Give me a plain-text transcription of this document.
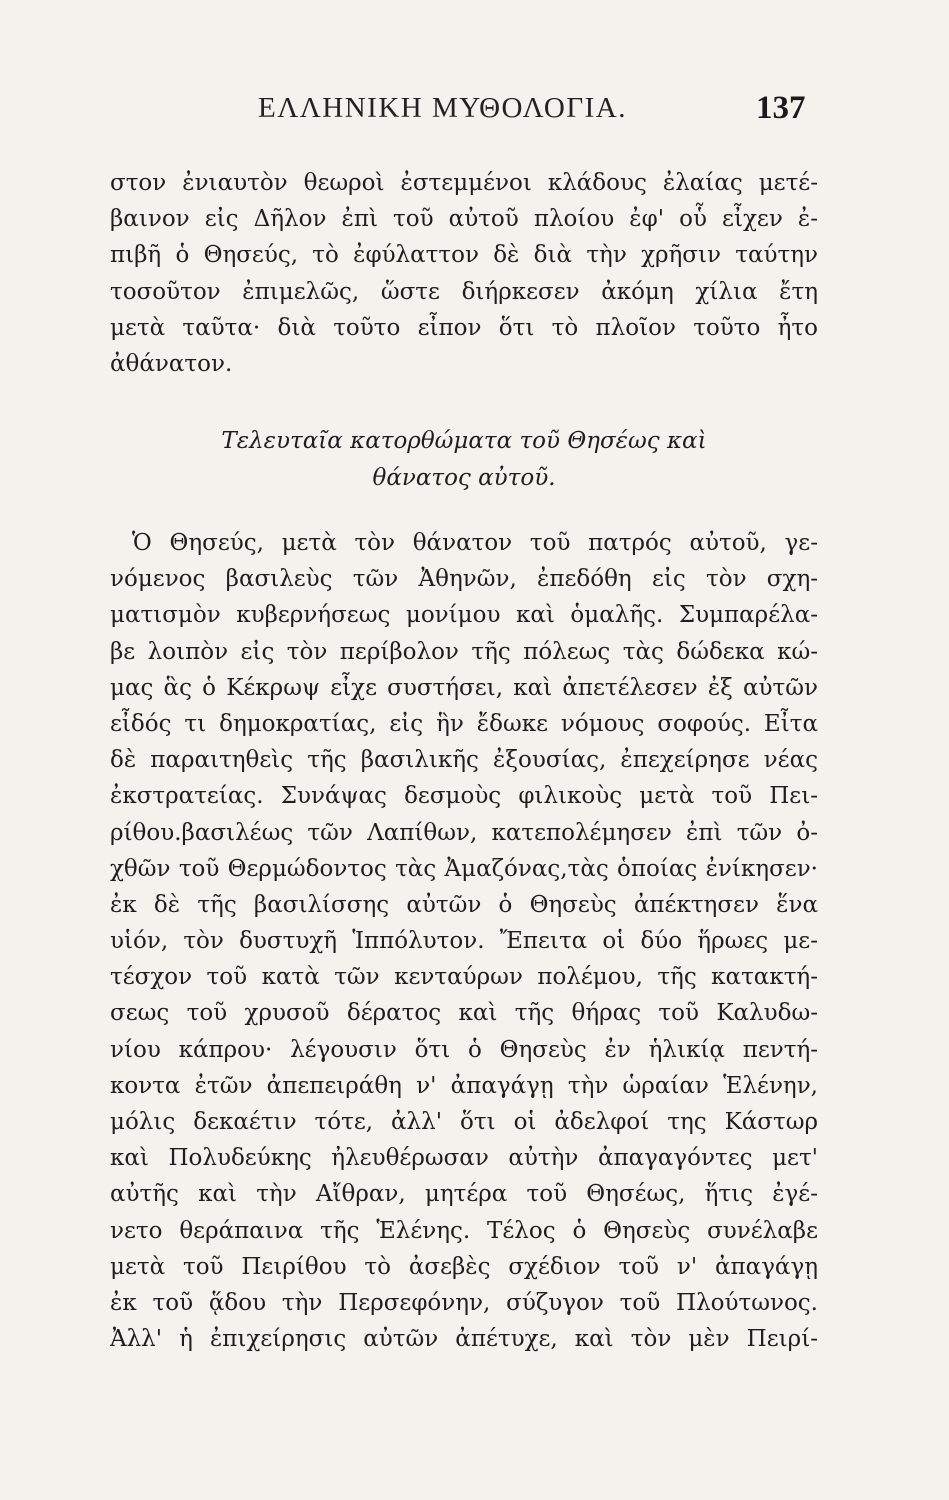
ΕΛΛΗΝΙΚΗ ΜΥΘΟΛΟΓΙΑ.	137
στον ἐνιαυτὸν θεωροὶ ἐστεμμένοι κλάδους ἐλαίας μετέ-
βαινον εἰς Δῆλον ἐπὶ τοῦ αὐτοῦ πλοίου ἐφ' οὗ εἶχεν ἐ-
πιβῆ ὁ Θησεύς, τὸ ἐφύλαττον δὲ διὰ τὴν χρῆσιν ταύτην
τοσοῦτον ἐπιμελῶς, ὥστε διήρκεσεν ἀκόμη χίλια ἔτη
μετὰ ταῦτα· διὰ τοῦτο εἶπον ὅτι τὸ πλοῖον τοῦτο ἦτο
ἀθάνατον.
Τελευταῖα κατορθώματα τοῦ Θησέως καὶ
θάνατος αὐτοῦ.
Ὁ Θησεύς, μετὰ τὸν θάνατον τοῦ πατρός αὐτοῦ, γε-
νόμενος βασιλεὺς τῶν Ἀθηνῶν, ἐπεδόθη εἰς τὸν σχη-
ματισμὸν κυβερνήσεως μονίμου καὶ ὁμαλῆς. Συμπαρέλα-
βε λοιπὸν εἰς τὸν περίβολον τῆς πόλεως τὰς δώδεκα κώ-
μας ἃς ὁ Κέκρωψ εἶχε συστήσει, καὶ ἀπετέλεσεν ἐξ αὐτῶν
εἶδός τι δημοκρατίας, εἰς ἣν ἔδωκε νόμους σοφούς. Εἶτα
δὲ παραιτηθεὶς τῆς βασιλικῆς ἐξουσίας, ἐπεχείρησε νέας
ἐκστρατείας. Συνάψας δεσμοὺς φιλικοὺς μετὰ τοῦ Πει-
ρίθου.βασιλέως τῶν Λαπίθων, κατεπολέμησεν ἐπὶ τῶν ὀ-
χθῶν τοῦ Θερμώδοντος τὰς Ἀμαζόνας,τὰς ὁποίας ἐνίκησεν·
ἐκ δὲ τῆς βασιλίσσης αὐτῶν ὁ Θησεὺς ἀπέκτησεν ἕνα
υἱόν, τὸν δυστυχῆ Ἱππόλυτον. Ἔπειτα οἱ δύο ἥρωες με-
τέσχον τοῦ κατὰ τῶν κενταύρων πολέμου, τῆς κατακτή-
σεως τοῦ χρυσοῦ δέρατος καὶ τῆς θήρας τοῦ Καλυδω-
νίου κάπρου· λέγουσιν ὅτι ὁ Θησεὺς ἐν ἡλικίᾳ πεντή-
κοντα ἐτῶν ἀπεπειράθη ν' ἀπαγάγῃ τὴν ὡραίαν Ἑλένην,
μόλις δεκαέτιν τότε, ἀλλ' ὅτι οἱ ἀδελφοί της Κάστωρ
καὶ Πολυδεύκης ἠλευθέρωσαν αὐτὴν ἀπαγαγόντες μετ'
αὐτῆς καὶ τὴν Αἴθραν, μητέρα τοῦ Θησέως, ἥτις ἐγέ-
νετο θεράπαινα τῆς Ἑλένης. Τέλος ὁ Θησεὺς συνέλαβε
μετὰ τοῦ Πειρίθου τὸ ἀσεβὲς σχέδιον τοῦ ν' ἀπαγάγῃ
ἐκ τοῦ ᾅδου τὴν Περσεφόνην, σύζυγον τοῦ Πλούτωνος.
Ἀλλ' ἡ ἐπιχείρησις αὐτῶν ἀπέτυχε, καὶ τὸν μὲν Πειρί-
